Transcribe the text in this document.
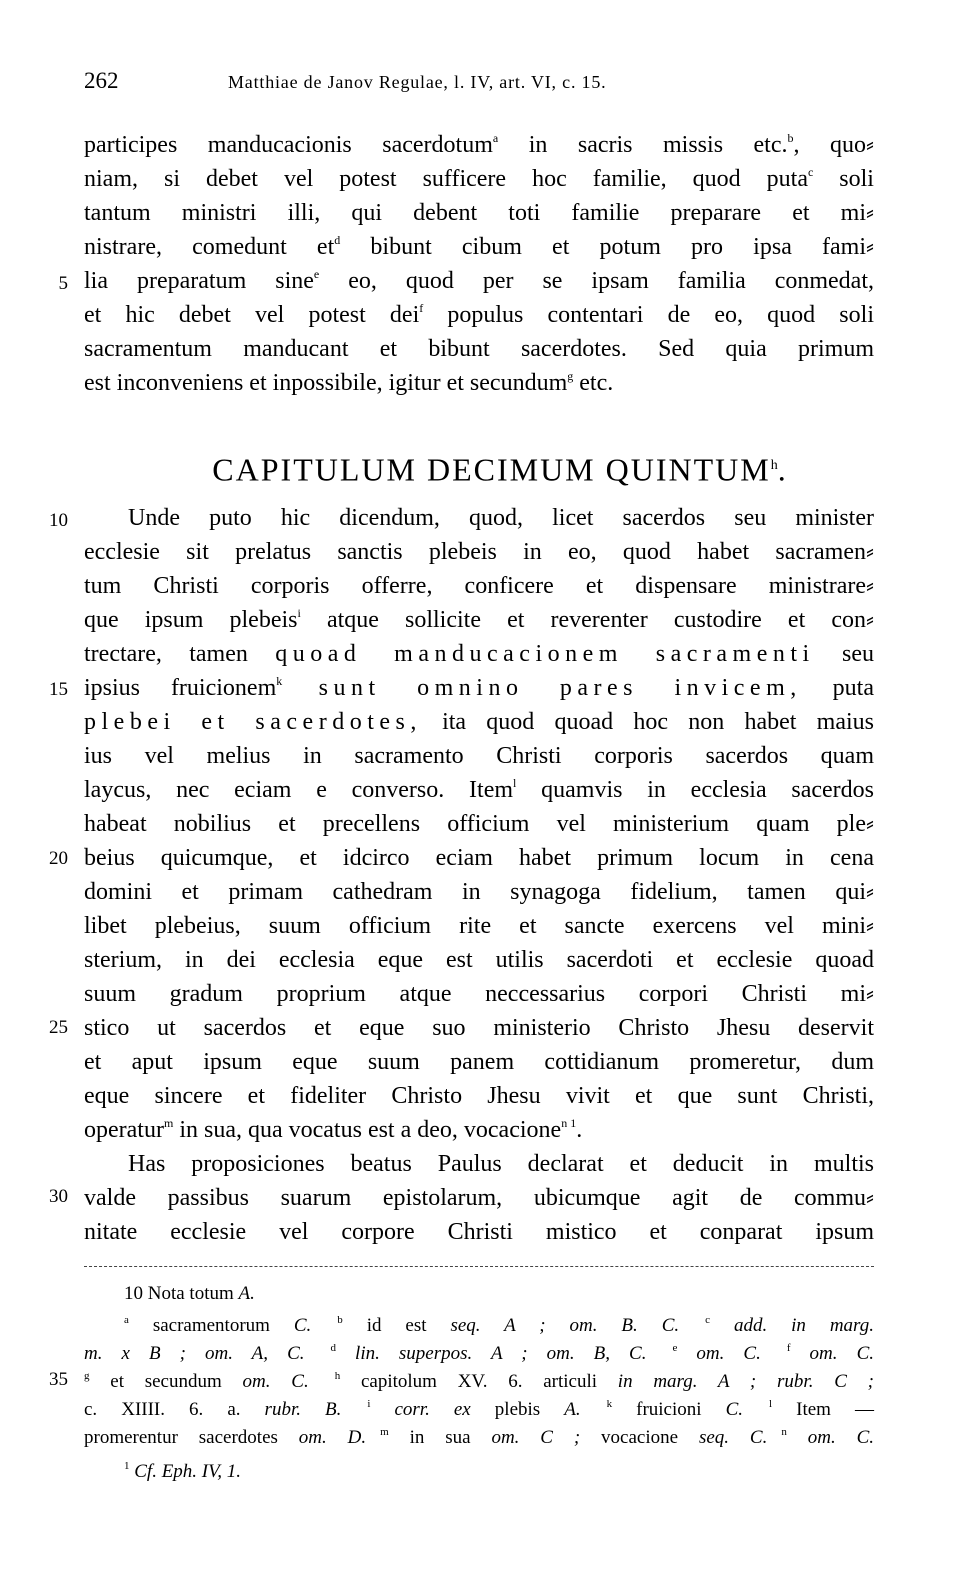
262	Matthiae de Janov Regulae, l. IV, art. VI, c. 15.
5
10
15
20
25
30
35
participes manducacionis sacerdotum$^a$ in sacris missis etc.$^b$, quo⸗
niam, si debet vel potest sufficere hoc familie, quod puta$^c$ soli
tantum ministri illi, qui debent toti familie preparare et mi⸗
nistrare, comedunt et$^d$ bibunt cibum et potum pro ipsa fami⸗
lia preparatum sine$^e$ eo, quod per se ipsam familia conmedat,
et hic debet vel potest dei$^f$ populus contentari de eo, quod soli
sacramentum manducant et bibunt sacerdotes. Sed quia primum
est inconveniens et inpossibile, igitur et secundum$^g$ etc.
CAPITULUM DECIMUM QUINTUM$^h$.
Unde puto hic dicendum, quod, licet sacerdos seu minister
ecclesie sit prelatus sanctis plebeis in eo, quod habet sacramen⸗
tum Christi corporis offerre, conficere et dispensare ministrare⸗
que ipsum plebeis$^i$ atque sollicite et reverenter custodire et con⸗
trectare, tamen quoad manducacionem sacramenti seu
ipsius fruicionem$^k$ sunt omnino pares invicem, puta
plebei et sacerdotes, ita quod quoad hoc non habet maius
ius vel melius in sacramento Christi corporis sacerdos quam
laycus, nec eciam e converso. Item$^l$ quamvis in ecclesia sacerdos
habeat nobilius et precellens officium vel ministerium quam ple⸗
beius quicumque, et idcirco eciam habet primum locum in cena
domini et primam cathedram in synagoga fidelium, tamen qui⸗
libet plebeius, suum officium rite et sancte exercens vel mini⸗
sterium, in dei ecclesia eque est utilis sacerdoti et ecclesie quoad
suum gradum proprium atque neccessarius corpori Christi mi⸗
stico ut sacerdos et eque suo ministerio Christo Jhesu deservit
et aput ipsum eque suum panem cottidianum promeretur, dum
eque sincere et fideliter Christo Jhesu vivit et que sunt Christi,
operatur$^m$ in sua, qua vocatus est a deo, vocacione$^{n 1}$.
Has proposiciones beatus Paulus declarat et deducit in multis
valde passibus suarum epistolarum, ubicumque agit de commu⸗
nitate ecclesie vel corpore Christi mistico et conparat ipsum
10 Nota totum A.
$^a$ sacramentorum C. $^b$ id est seq. A ; om. B. C. $^c$ add. in marg.
m. x B ; om. A, C. $^d$ lin. superpos. A ; om. B, C. $^e$ om. C. $^f$ om. C.
$^g$ et secundum om. C. $^h$ capitolum XV. 6. articuli in marg. A ; rubr. C ;
c. XIIII. 6. a. rubr. B. $^i$ corr. ex plebis A. $^k$ fruicioni C. $^l$ Item —
promerentur sacerdotes om. D. $^m$ in sua om. C ; vocacione seq. C. $^n$ om. C.
$^1$ Cf. Eph. IV, 1.
